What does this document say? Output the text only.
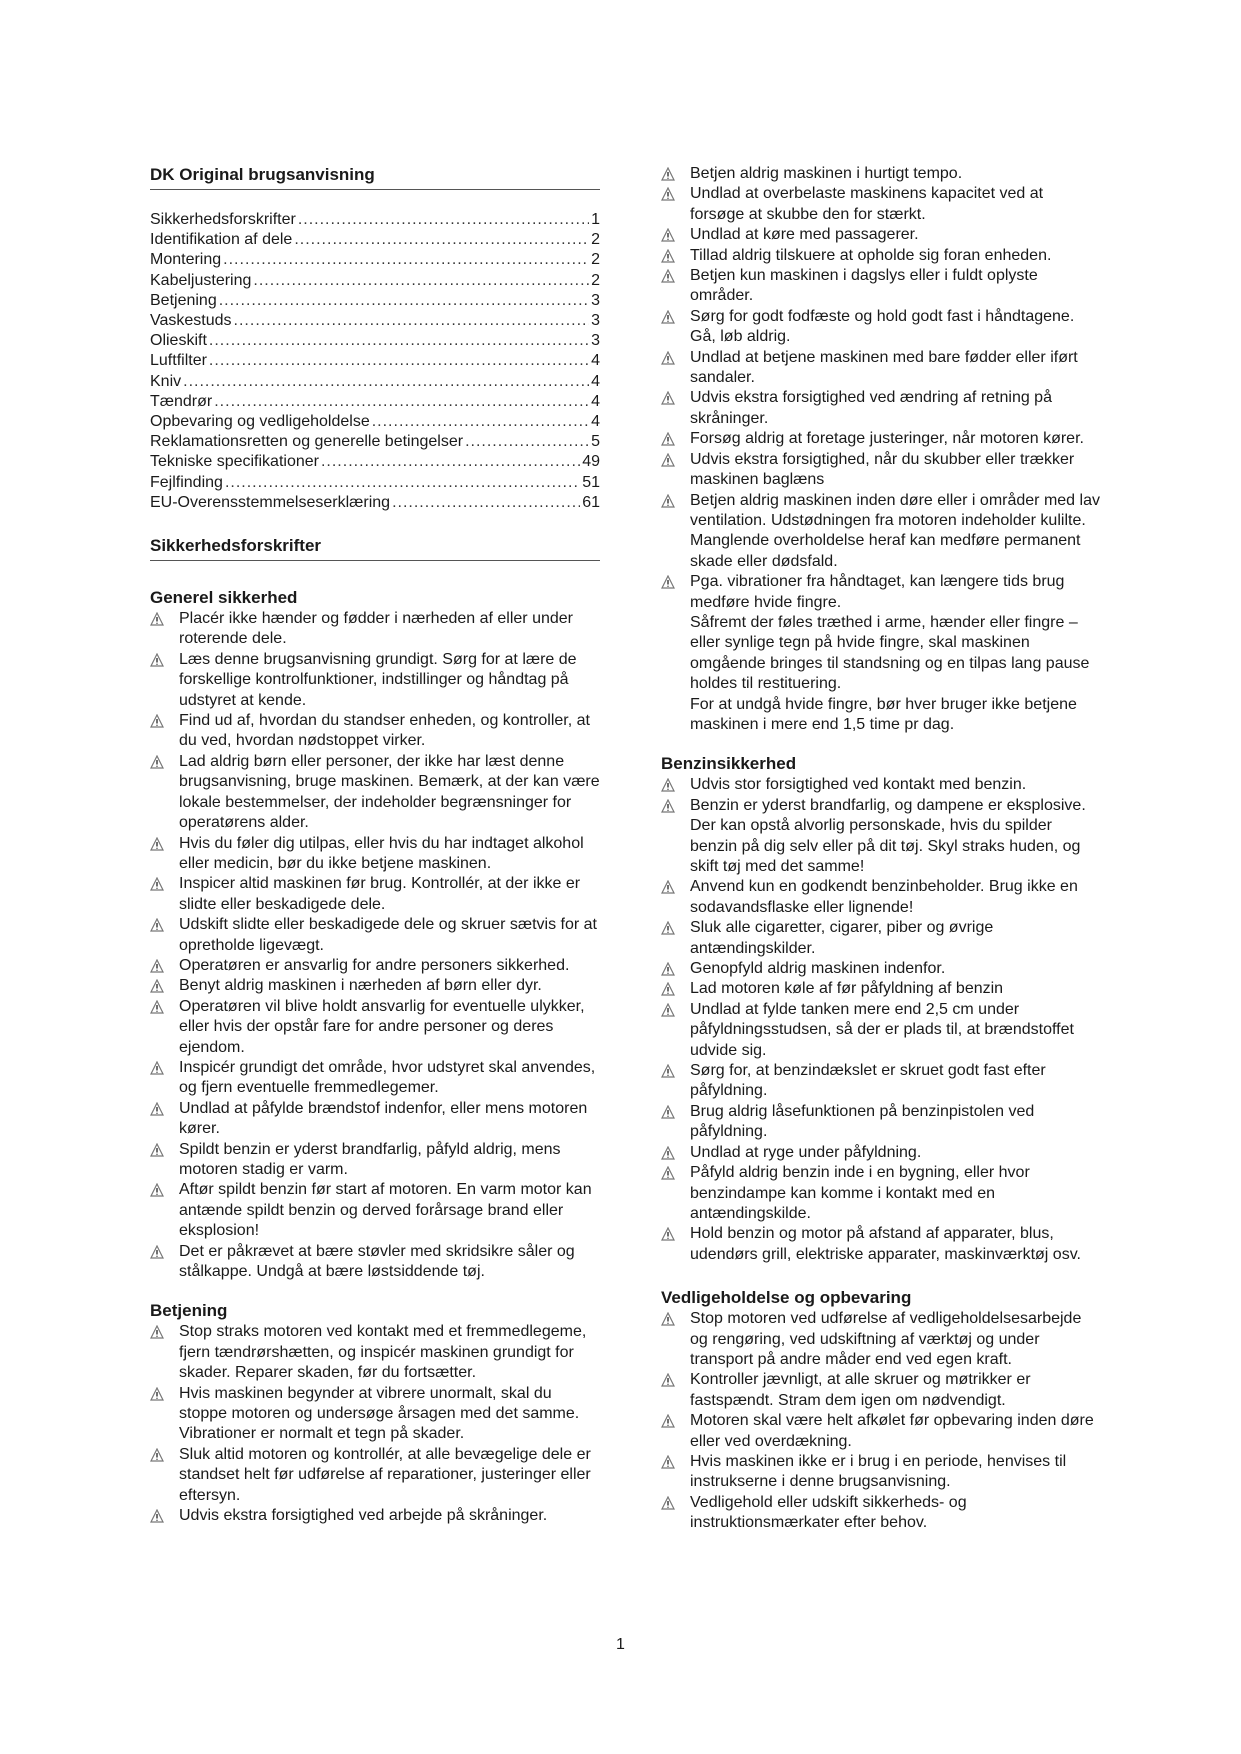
DK Original brugsanvisning
Sikkerhedsforskrifter .....	1
Identifikation af dele .....	2
Montering .....	2
Kabeljustering .....	2
Betjening .....	3
Vaskestuds .....	3
Olieskift .....	3
Luftfilter .....	4
Kniv .....	4
Tændrør .....	4
Opbevaring og vedligeholdelse .....	4
Reklamationsretten og generelle betingelser .....	5
Tekniske specifikationer .....	49
Fejlfinding .....	51
EU-Overensstemmelseserklæring .....	61
Sikkerhedsforskrifter
Generel sikkerhed
Placér ikke hænder og fødder i nærheden af eller under roterende dele.
Læs denne brugsanvisning grundigt. Sørg for at lære de forskellige kontrolfunktioner, indstillinger og håndtag på udstyret at kende.
Find ud af, hvordan du standser enheden, og kontroller, at du ved, hvordan nødstoppet virker.
Lad aldrig børn eller personer, der ikke har læst denne brugsanvisning, bruge maskinen. Bemærk, at der kan være lokale bestemmelser, der indeholder begrænsninger for operatørens alder.
Hvis du føler dig utilpas, eller hvis du har indtaget alkohol eller medicin, bør du ikke betjene maskinen.
Inspicer altid maskinen før brug. Kontrollér, at der ikke er slidte eller beskadigede dele.
Udskift slidte eller beskadigede dele og skruer sætvis for at opretholde ligevægt.
Operatøren er ansvarlig for andre personers sikkerhed.
Benyt aldrig maskinen i nærheden af børn eller dyr.
Operatøren vil blive holdt ansvarlig for eventuelle ulykker, eller hvis der opstår fare for andre personer og deres ejendom.
Inspicér grundigt det område, hvor udstyret skal anvendes, og fjern eventuelle fremmedlegemer.
Undlad at påfylde brændstof indenfor, eller mens motoren kører.
Spildt benzin er yderst brandfarlig, påfyld aldrig, mens motoren stadig er varm.
Aftør spildt benzin før start af motoren. En varm motor kan antænde spildt benzin og derved forårsage brand eller eksplosion!
Det er påkrævet at bære støvler med skridsikre såler og stålkappe. Undgå at bære løstsiddende tøj.
Betjening
Stop straks motoren ved kontakt med et fremmedlegeme, fjern tændrørshætten, og inspicér maskinen grundigt for skader. Reparer skaden, før du fortsætter.
Hvis maskinen begynder at vibrere unormalt, skal du stoppe motoren og undersøge årsagen med det samme. Vibrationer er normalt et tegn på skader.
Sluk altid motoren og kontrollér, at alle bevægelige dele er standset helt før udførelse af reparationer, justeringer eller eftersyn.
Udvis ekstra forsigtighed ved arbejde på skråninger.
Betjen aldrig maskinen i hurtigt tempo.
Undlad at overbelaste maskinens kapacitet ved at forsøge at skubbe den for stærkt.
Undlad at køre med passagerer.
Tillad aldrig tilskuere at opholde sig foran enheden.
Betjen kun maskinen i dagslys eller i fuldt oplyste områder.
Sørg for godt fodfæste og hold godt fast i håndtagene. Gå, løb aldrig.
Undlad at betjene maskinen med bare fødder eller iført sandaler.
Udvis ekstra forsigtighed ved ændring af retning på skråninger.
Forsøg aldrig at foretage justeringer, når motoren kører.
Udvis ekstra forsigtighed, når du skubber eller trækker maskinen baglæns
Betjen aldrig maskinen inden døre eller i områder med lav ventilation. Udstødningen fra motoren indeholder kulilte. Manglende overholdelse heraf kan medføre permanent skade eller dødsfald.
Pga. vibrationer fra håndtaget, kan længere tids brug medføre hvide fingre.
Såfremt der føles træthed i arme, hænder eller fingre – eller synlige tegn på hvide fingre, skal maskinen omgående bringes til standsning og en tilpas lang pause holdes til restituering.
For at undgå hvide fingre, bør hver bruger ikke betjene maskinen i mere end 1,5 time pr dag.
Benzinsikkerhed
Udvis stor forsigtighed ved kontakt med benzin.
Benzin er yderst brandfarlig, og dampene er eksplosive. Der kan opstå alvorlig personskade, hvis du spilder benzin på dig selv eller på dit tøj. Skyl straks huden, og skift tøj med det samme!
Anvend kun en godkendt benzinbeholder. Brug ikke en sodavandsflaske eller lignende!
Sluk alle cigaretter, cigarer, piber og øvrige antændingskilder.
Genopfyld aldrig maskinen indenfor.
Lad motoren køle af før påfyldning af benzin
Undlad at fylde tanken mere end 2,5 cm under påfyldningsstudsen, så der er plads til, at brændstoffet udvide sig.
Sørg for, at benzindækslet er skruet godt fast efter påfyldning.
Brug aldrig låsefunktionen på benzinpistolen ved påfyldning.
Undlad at ryge under påfyldning.
Påfyld aldrig benzin inde i en bygning, eller hvor benzindampe kan komme i kontakt med en antændingskilde.
Hold benzin og motor på afstand af apparater, blus, udendørs grill, elektriske apparater, maskinværktøj osv.
Vedligeholdelse og opbevaring
Stop motoren ved udførelse af vedligeholdelsesarbejde og rengøring, ved udskiftning af værktøj og under transport på andre måder end ved egen kraft.
Kontroller jævnligt, at alle skruer og møtrikker er fastspændt. Stram dem igen om nødvendigt.
Motoren skal være helt afkølet før opbevaring inden døre eller ved overdækning.
Hvis maskinen ikke er i brug i en periode, henvises til instrukserne i denne brugsanvisning.
Vedligehold eller udskift sikkerheds- og instruktionsmærkater efter behov.
1
